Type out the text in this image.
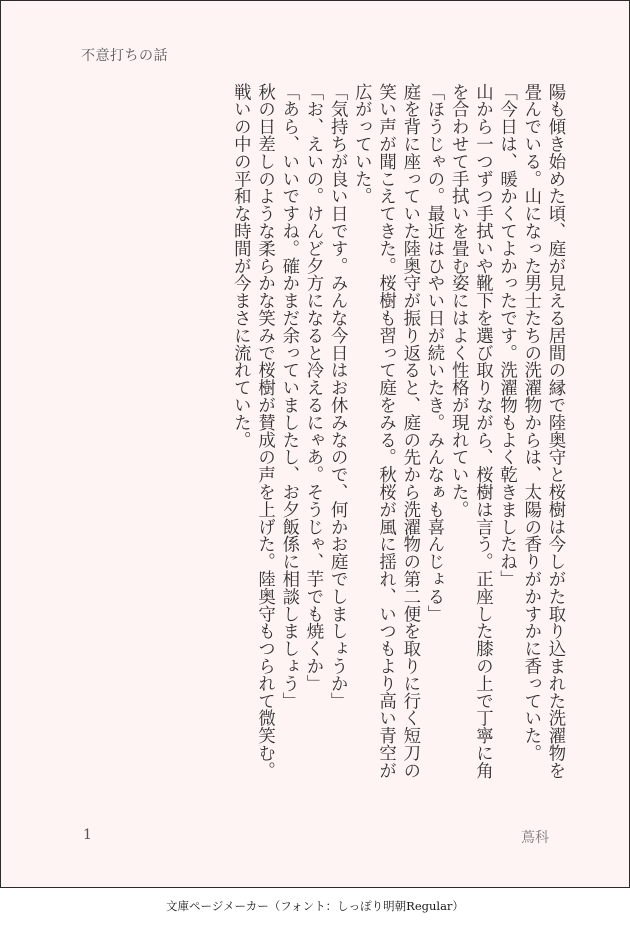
不意打ちの話

陽も傾き始めた頃、庭が見える居間の縁で陸奥守と桜樹は今しがた取り込まれた洗濯物を畳んでいる。山になった男士たちの洗濯物からは、太陽の香りがかすかに香っていた。

「今日は、暖かくてよかったです。洗濯物もよく乾きましたね」

山から一つずつ手拭いや靴下を選び取りながら、桜樹は言う。正座した膝の上で丁寧に角を合わせて手拭いを畳む姿にはよく性格が現れていた。

「ほうじゃの。最近はひやい日が続いたき。みんなぁも喜んじょる」

庭を背に座っていた陸奥守が振り返ると、庭の先から洗濯物の第二便を取りに行く短刀の笑い声が聞こえてきた。桜樹も習って庭をみる。秋桜が風に揺れ、いつもより高い青空が広がっていた。

「気持ちが良い日です。みんな今日はお休みなので、何かお庭でしましょうか」

「お、えいの。けんど夕方になると冷えるにゃあ。そうじゃ、芋でも焼くか」

「あら、いいですね。確かまだ余っていましたし、お夕飯係に相談しましょう」

秋の日差しのような柔らかな笑みで桜樹が賛成の声を上げた。陸奥守もつられて微笑む。戦いの中の平和な時間が今まさに流れていた。

1	蔦科
文庫ページメーカー（フォント：しっぽり明朝Regular）
